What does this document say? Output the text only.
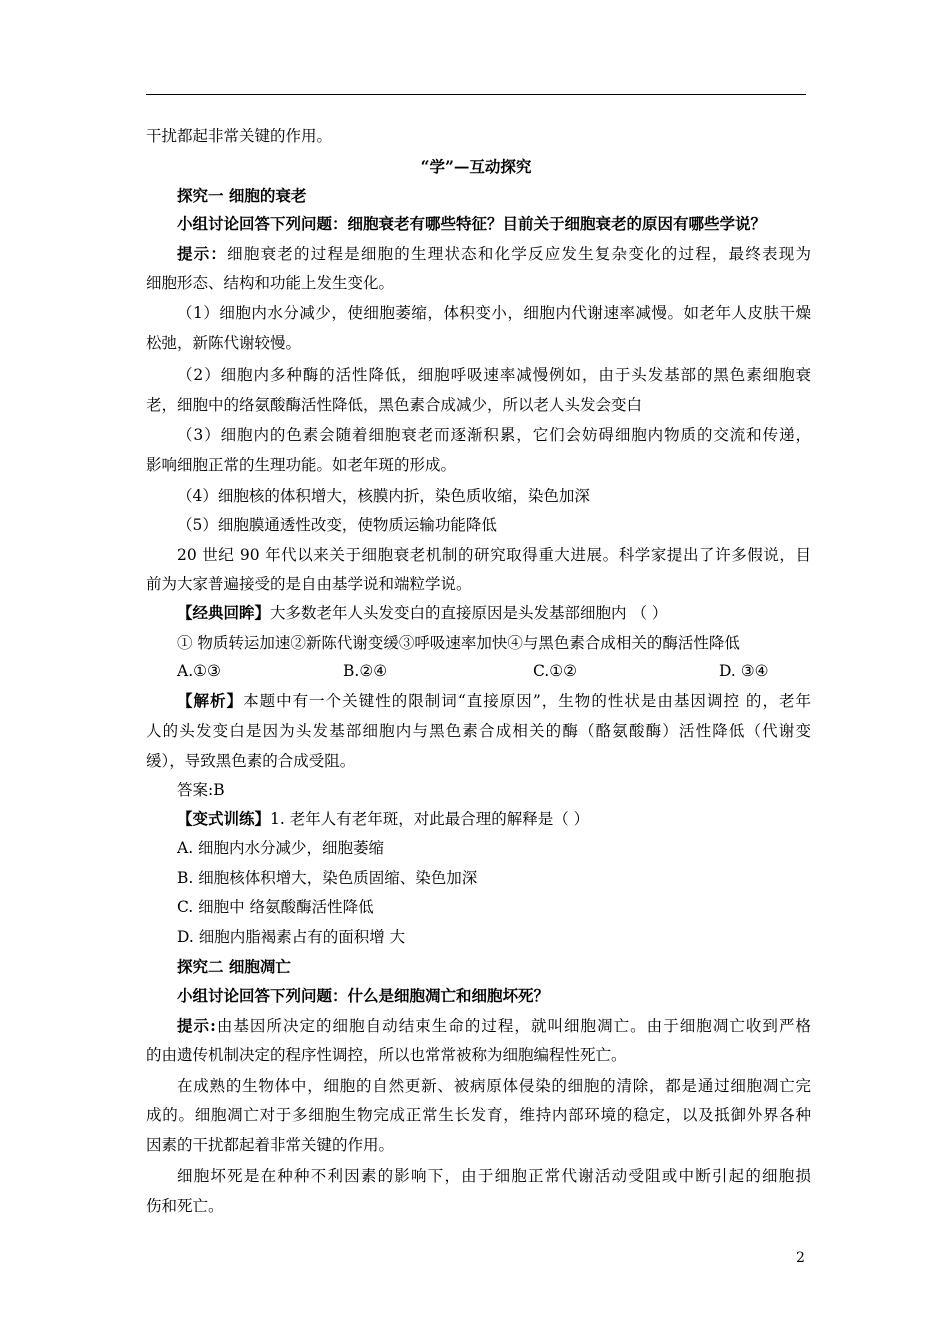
干扰都起非常关键的作用。
“学”—互动探究
探究一 细胞的衰老
小组讨论回答下列问题：细胞衰老有哪些特征？目前关于细胞衰老的原因有哪些学说？
提示：细胞衰老的过程是细胞的生理状态和化学反应发生复杂变化的过程，最终表现为
细胞形态、结构和功能上发生变化。
（1）细胞内水分减少，使细胞萎缩，体积变小，细胞内代谢速率减慢。如老年人皮肤干燥
松弛，新陈代谢较慢。
（2）细胞内多种酶的活性降低，细胞呼吸速率减慢例如，由于头发基部的黑色素细胞衰
老，细胞中的络氨酸酶活性降低，黑色素合成减少，所以老人头发会变白
（3）细胞内的色素会随着细胞衰老而逐渐积累，它们会妨碍细胞内物质的交流和传递，
影响细胞正常的生理功能。如老年斑的形成。
（4）细胞核的体积增大，核膜内折，染色质收缩，染色加深
（5）细胞膜通透性改变，使物质运输功能降低
20 世纪 90 年代以来关于细胞衰老机制的研究取得重大进展。科学家提出了许多假说，目
前为大家普遍接受的是自由基学说和端粒学说。
【经典回眸】大多数老年人头发变白的直接原因是头发基部细胞内 （ ）
① 物质转运加速②新陈代谢变缓③呼吸速率加快④与黑色素合成相关的酶活性降低
A.①③	B.②④	C.①②	D. ③④
【解析】本题中有一个关键性的限制词“直接原因”，生物的性状是由基因调控 的，老年
人的头发变白是因为头发基部细胞内与黑色素合成相关的酶（酪氨酸酶）活性降低（代谢变
缓），导致黑色素的合成受阻。
答案:B
【变式训练】1. 老年人有老年斑，对此最合理的解释是（ ）
A. 细胞内水分减少，细胞萎缩
B. 细胞核体积增大，染色质固缩、染色加深
C. 细胞中 络氨酸酶活性降低
D. 细胞内脂褐素占有的面积增 大
探究二 细胞凋亡
小组讨论回答下列问题：什么是细胞凋亡和细胞坏死？
提示:由基因所决定的细胞自动结束生命的过程，就叫细胞凋亡。由于细胞凋亡收到严格
的由遗传机制决定的程序性调控，所以也常常被称为细胞编程性死亡。
在成熟的生物体中，细胞的自然更新、被病原体侵染的细胞的清除，都是通过细胞凋亡完
成的。细胞凋亡对于多细胞生物完成正常生长发育，维持内部环境的稳定，以及抵御外界各种
因素的干扰都起着非常关键的作用。
细胞坏死是在种种不利因素的影响下，由于细胞正常代谢活动受阻或中断引起的细胞损
伤和死亡。
2
